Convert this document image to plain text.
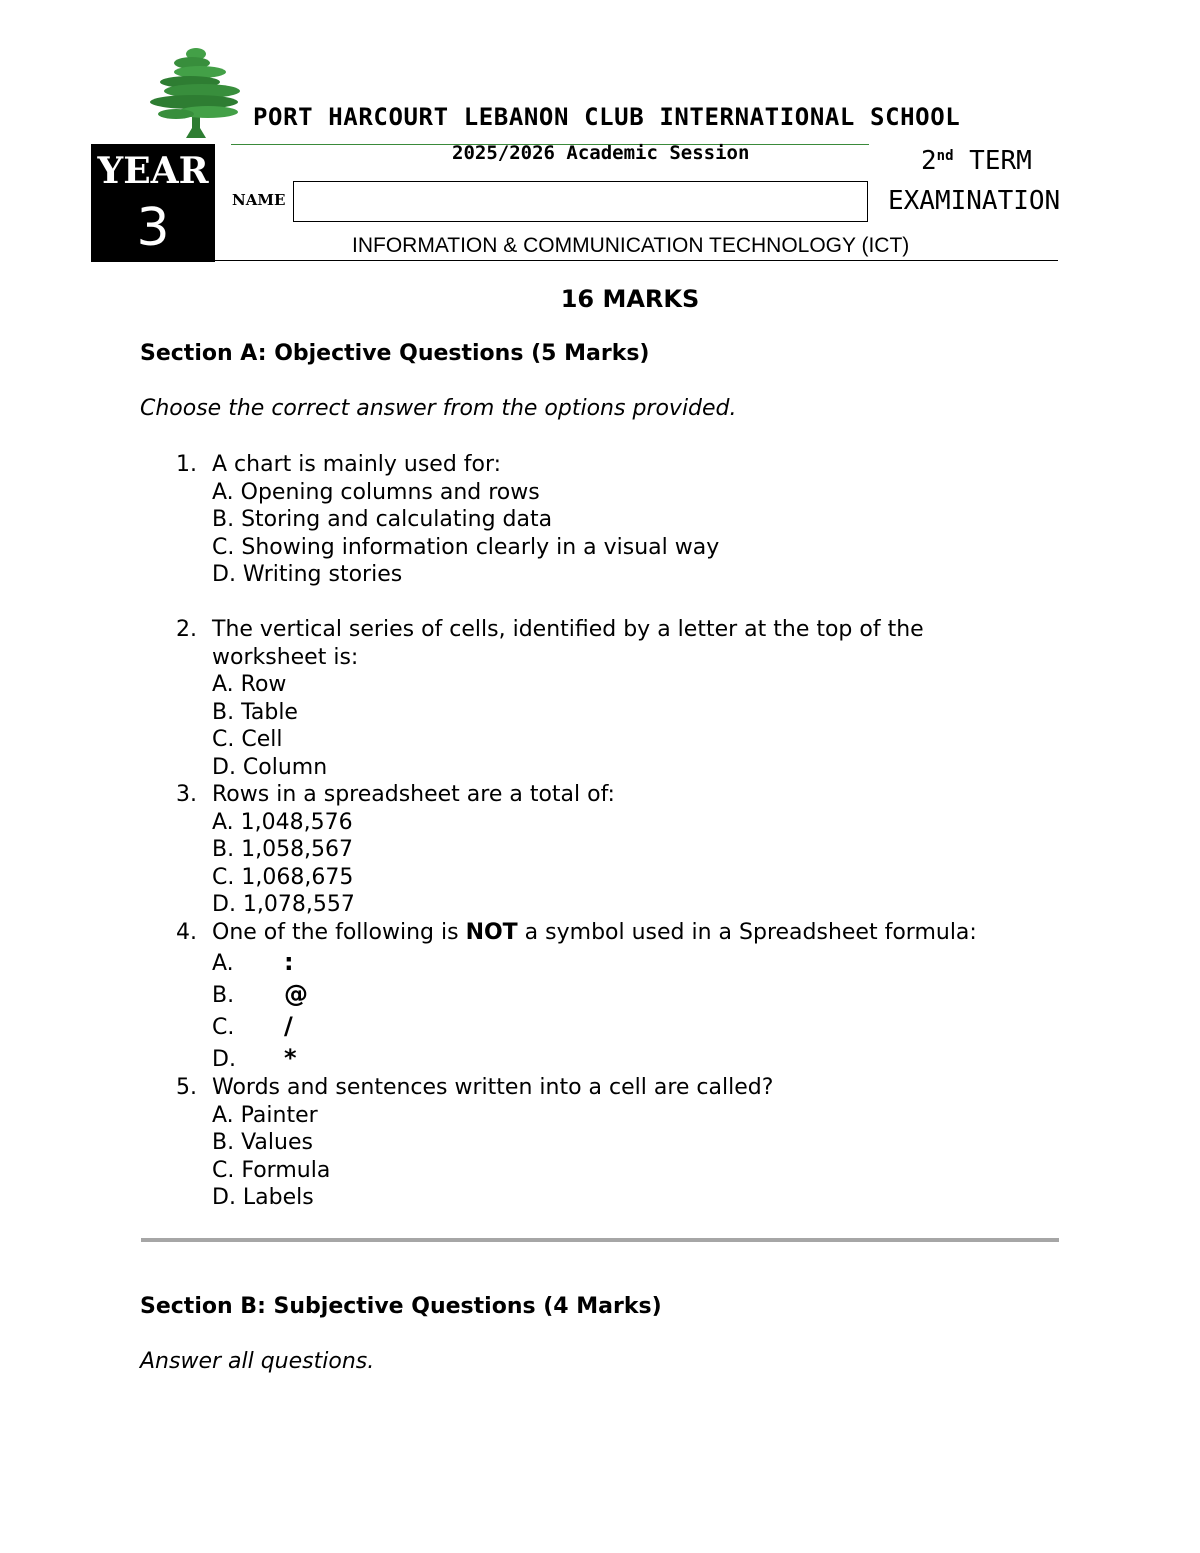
PORT HARCOURT LEBANON CLUB INTERNATIONAL SCHOOL
YEAR
3
2025/2026 Academic Session	2nd TERM
EXAMINATION
NAME
INFORMATION & COMMUNICATION TECHNOLOGY (ICT)
16 MARKS
Section A: Objective Questions (5 Marks)
Choose the correct answer from the options provided.
1. A chart is mainly used for:
A. Opening columns and rows
B. Storing and calculating data
C. Showing information clearly in a visual way
D. Writing stories
2. The vertical series of cells, identified by a letter at the top of the
worksheet is:
A. Row
B. Table
C. Cell
D. Column
3. Rows in a spreadsheet are a total of:
A. 1,048,576
B. 1,058,567
C. 1,068,675
D. 1,078,557
4. One of the following is NOT a symbol used in a Spreadsheet formula:
A. :
B. @
C. /
D. *
5. Words and sentences written into a cell are called?
A. Painter
B. Values
C. Formula
D. Labels
Section B: Subjective Questions (4 Marks)
Answer all questions.
